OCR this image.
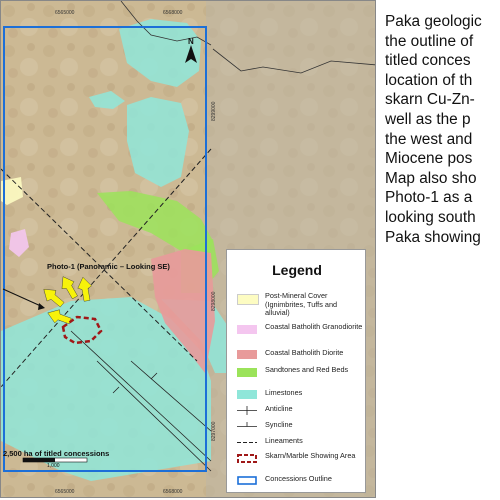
6565000	6568000
6565000	6568000
8299000
8298000
8297000
N
Photo-1 (Panoramic – Looking SE)
2,500 ha of titled concessions
1,000
Legend
Post-Mineral Cover (Ignimbrites, Tuffs and alluvial)
Coastal Batholith Granodiorite
Coastal Batholith Diorite
Sandtones and Red Beds
Limestones
Anticline
Syncline
Lineaments
Skarn/Marble Showing Area
Concessions Outline
Paka geologic
the outline of
titled conces
location of th
skarn Cu-Zn-
well as the p
the west and
Miocene pos
Map also sho
Photo-1 as a
looking south
Paka showing
